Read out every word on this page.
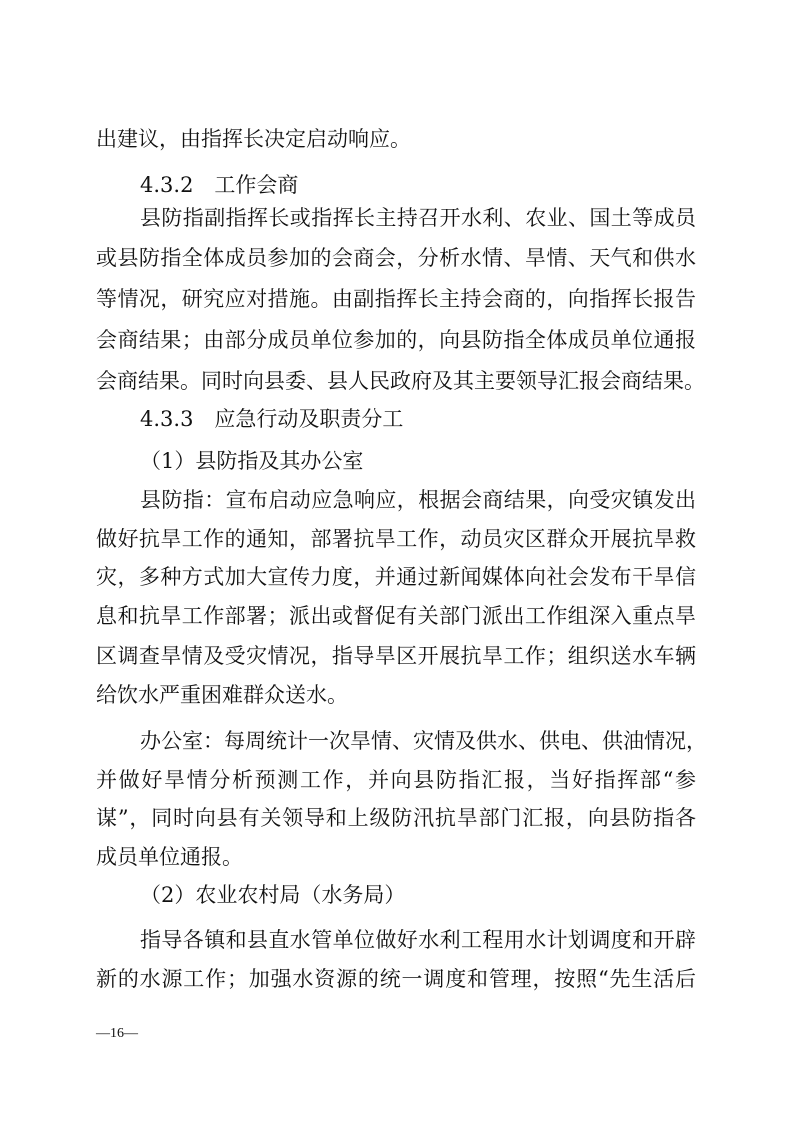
出建议，由指挥长决定启动响应。
4.3.2　工作会商
县防指副指挥长或指挥长主持召开水利、农业、国土等成员
或县防指全体成员参加的会商会，分析水情、旱情、天气和供水
等情况，研究应对措施。由副指挥长主持会商的，向指挥长报告
会商结果；由部分成员单位参加的，向县防指全体成员单位通报
会商结果。同时向县委、县人民政府及其主要领导汇报会商结果。
4.3.3　应急行动及职责分工
（1）县防指及其办公室
县防指：宣布启动应急响应，根据会商结果，向受灾镇发出
做好抗旱工作的通知，部署抗旱工作，动员灾区群众开展抗旱救
灾，多种方式加大宣传力度，并通过新闻媒体向社会发布干旱信
息和抗旱工作部署；派出或督促有关部门派出工作组深入重点旱
区调查旱情及受灾情况，指导旱区开展抗旱工作；组织送水车辆
给饮水严重困难群众送水。
办公室：每周统计一次旱情、灾情及供水、供电、供油情况，
并做好旱情分析预测工作，并向县防指汇报，当好指挥部“参
谋”，同时向县有关领导和上级防汛抗旱部门汇报，向县防指各
成员单位通报。
（2）农业农村局（水务局）
指导各镇和县直水管单位做好水利工程用水计划调度和开辟
新的水源工作；加强水资源的统一调度和管理，按照“先生活后
—16—
